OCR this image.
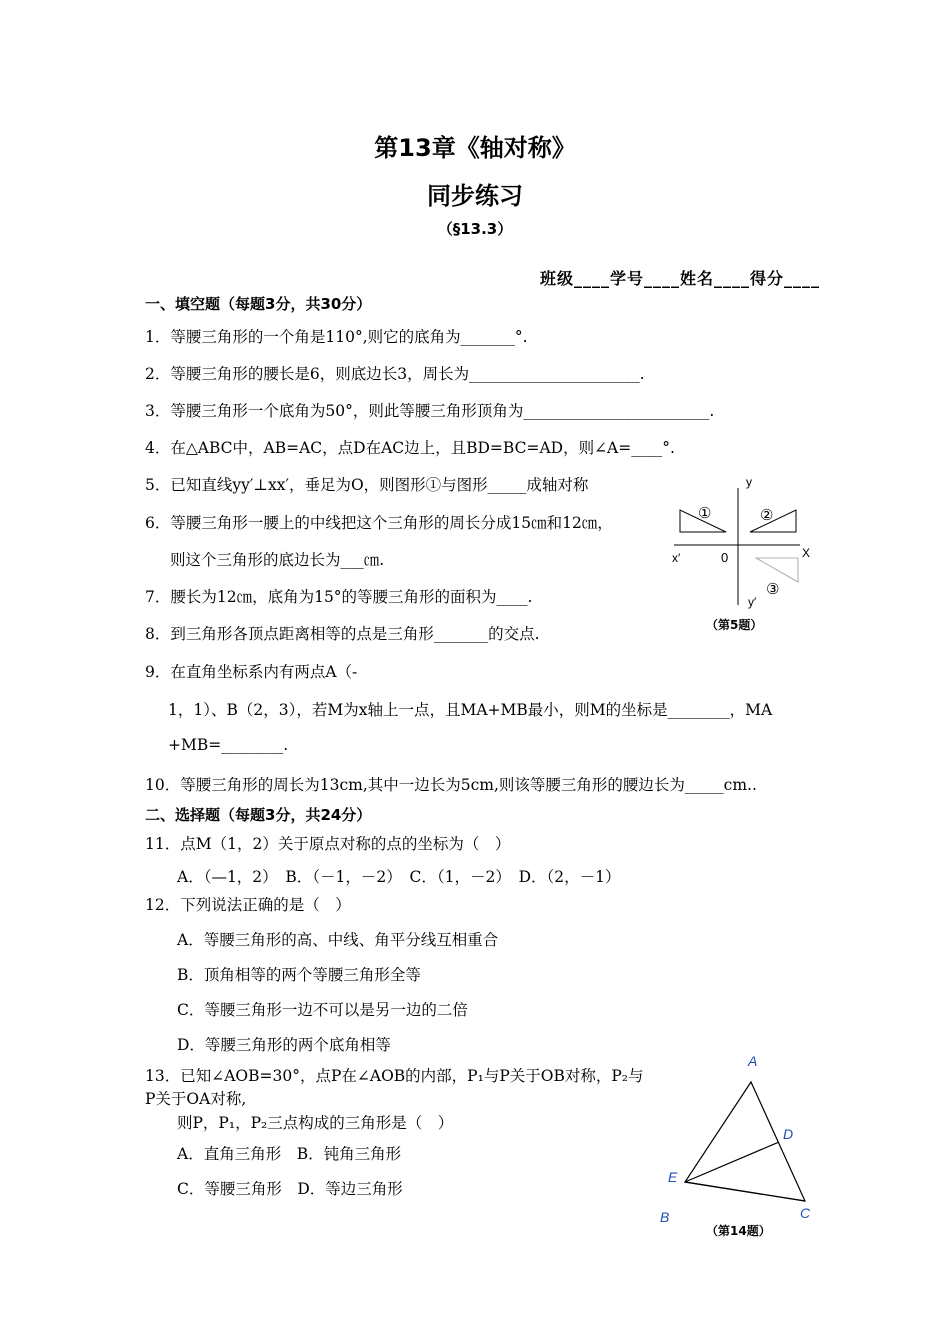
第13章《轴对称》
同步练习
（§13.3）
班级____学号____姓名____得分____
一、填空题（每题3分，共30分）
1．等腰三角形的一个角是110°,则它的底角为_______°.
2．等腰三角形的腰长是6，则底边长3，周长为______________________.
3．等腰三角形一个底角为50°，则此等腰三角形顶角为________________________.
4．在△ABC中，AB=AC，点D在AC边上，且BD=BC=AD，则∠A=____°.
5．已知直线yy′⊥xx′，垂足为O，则图形①与图形_____成轴对称
6．等腰三角形一腰上的中线把这个三角形的周长分成15㎝和12㎝，
则这个三角形的底边长为___㎝.
7．腰长为12㎝，底角为15°的等腰三角形的面积为____.
8．到三角形各顶点距离相等的点是三角形_______的交点.
9．在直角坐标系内有两点A（-
1，1）、B（2，3），若M为x轴上一点，且MA+MB最小，则M的坐标是________，MA
+MB=________.
10．等腰三角形的周长为13cm,其中一边长为5cm,则该等腰三角形的腰边长为_____cm..
二、选择题（每题3分，共24分）
11．点M（1，2）关于原点对称的点的坐标为（　）
A．（—1，2）　B．（－1，－2）　C．（1，－2）　D．（2，－1）
12．下列说法正确的是（　）
A．等腰三角形的高、中线、角平分线互相重合
B．顶角相等的两个等腰三角形全等
C．等腰三角形一边不可以是另一边的二倍
D．等腰三角形的两个底角相等
13．已知∠AOB=30°，点P在∠AOB的内部，P₁与P关于OB对称，P₂与
P关于OA对称,
则P，P₁，P₂三点构成的三角形是（　）
A．直角三角形　B．钝角三角形
C．等腰三角形　D．等边三角形
y
y′
X
x′	0
①	②
③
（第5题）
A
D
E
B	C
（第14题）
